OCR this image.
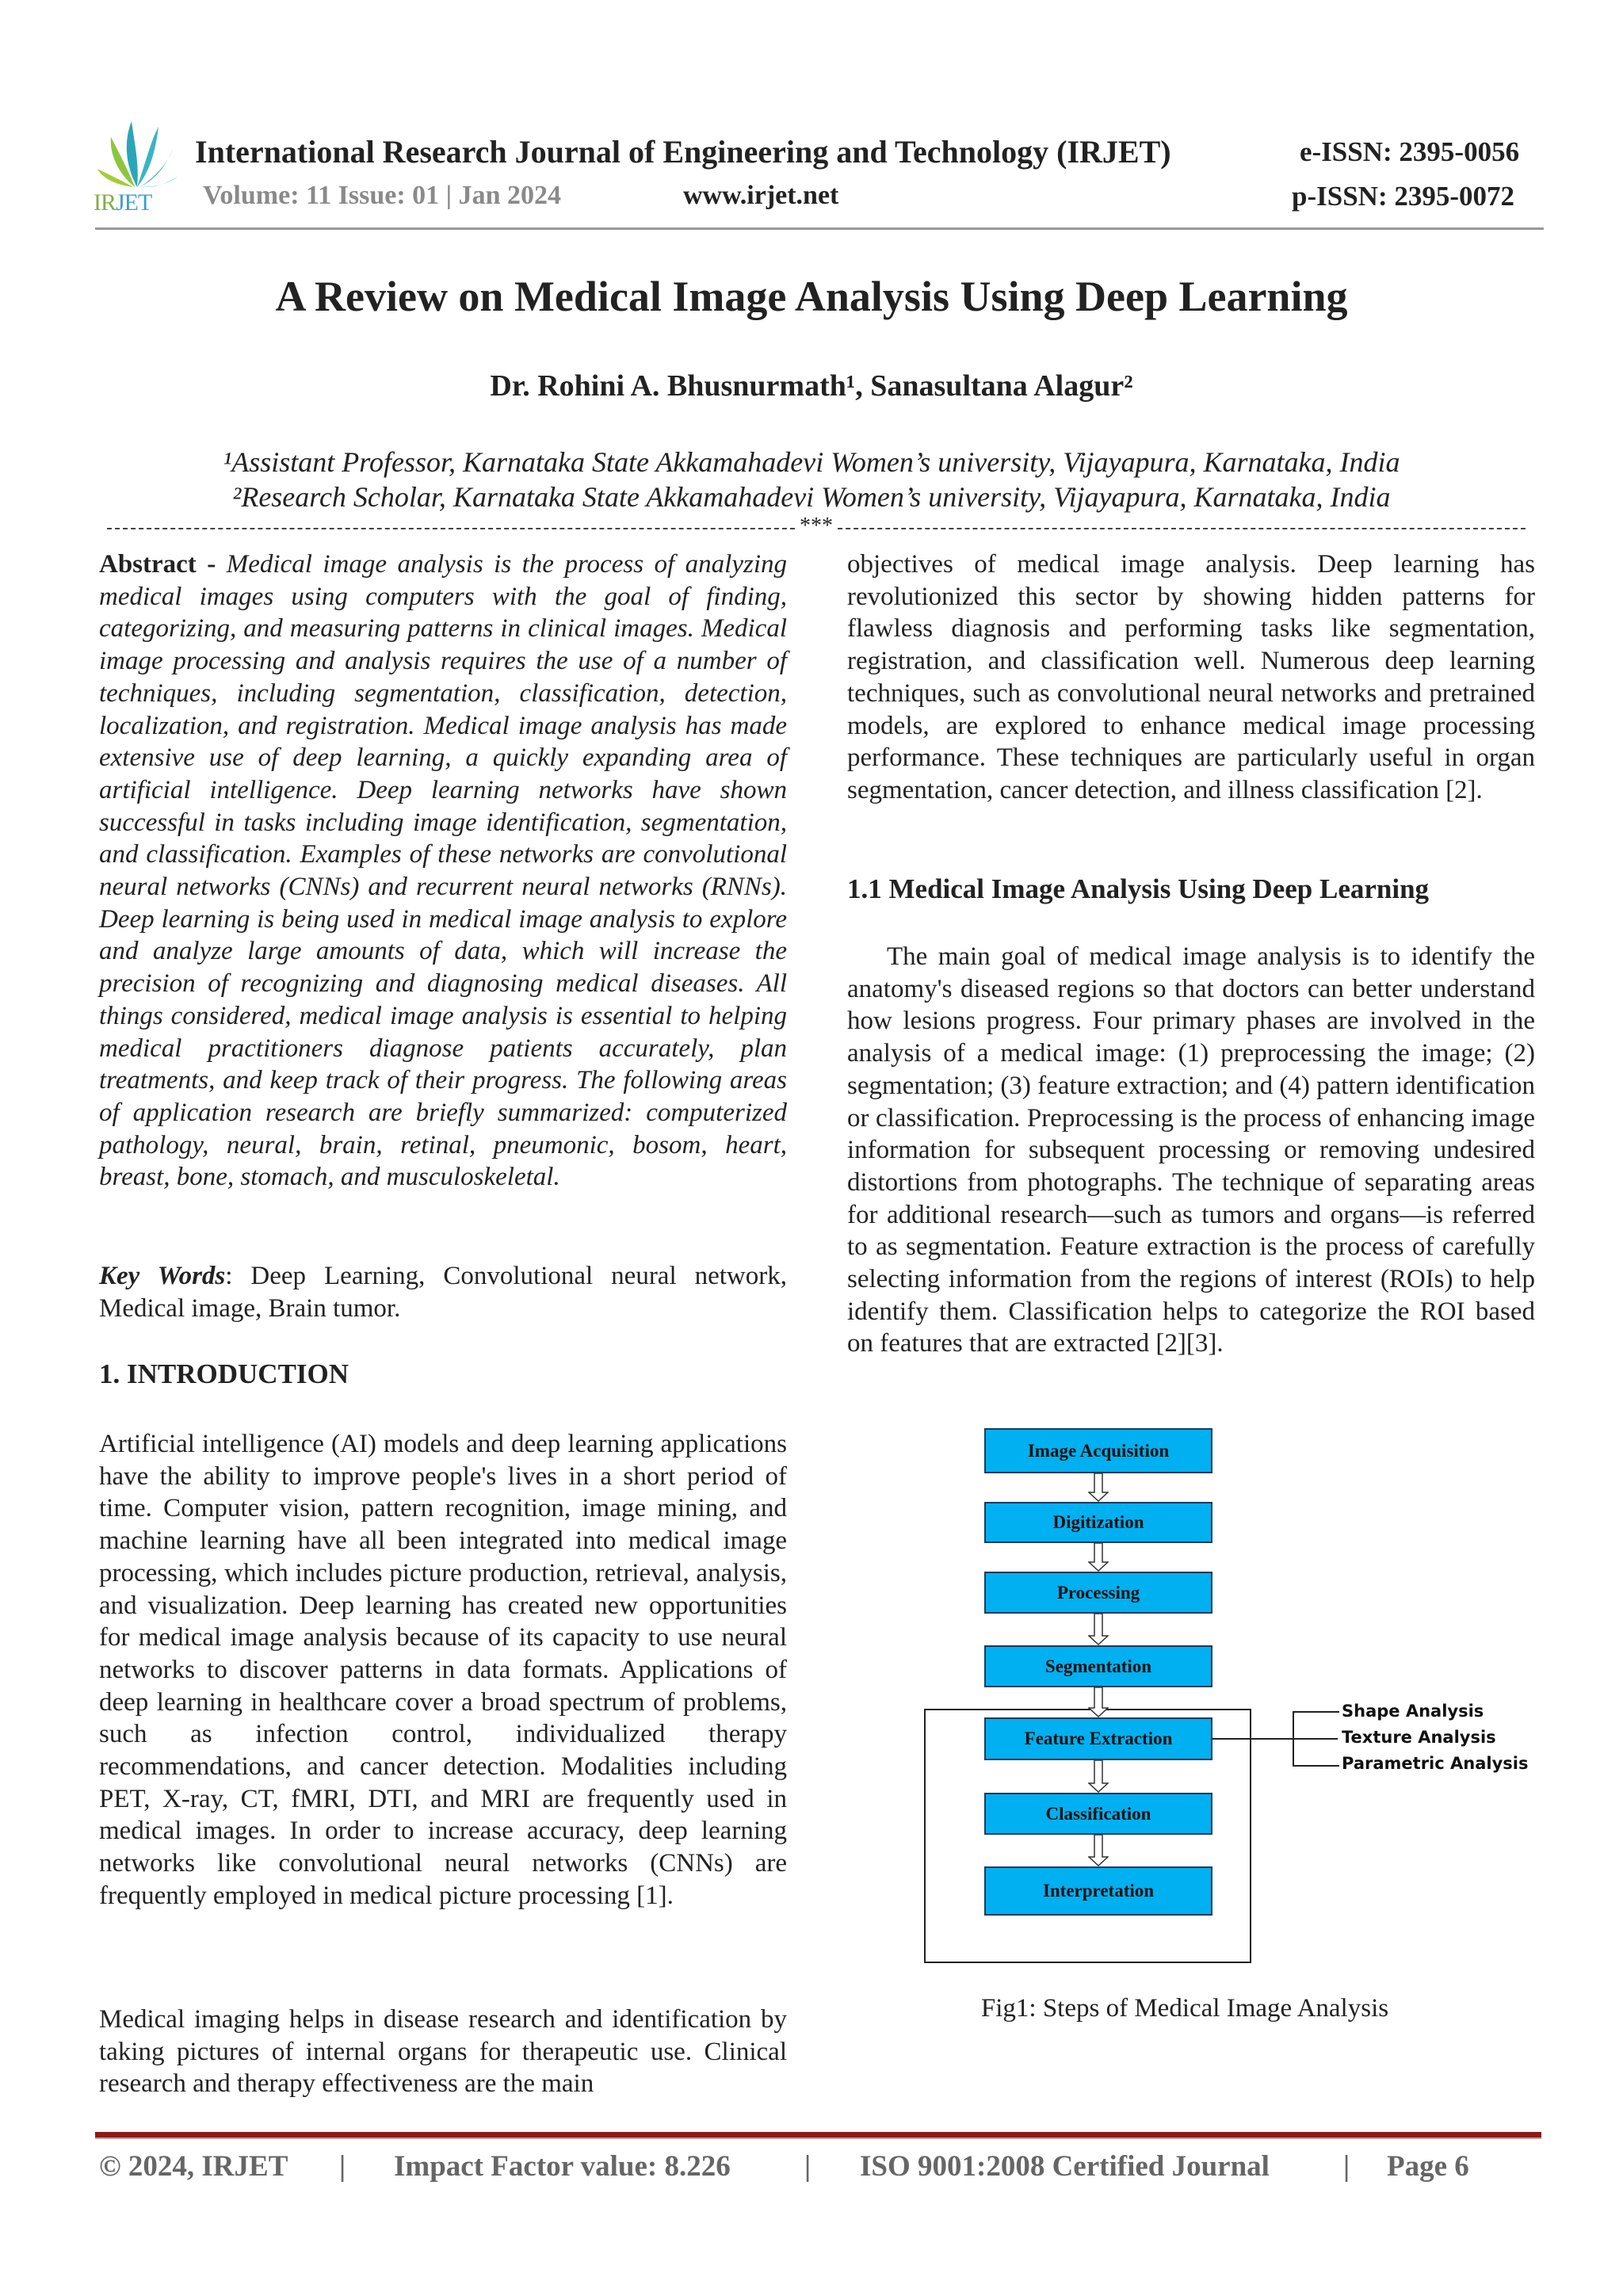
IRJET
International Research Journal of Engineering and Technology (IRJET)	e-ISSN: 2395-0056
Volume: 11 Issue: 01 | Jan 2024	www.irjet.net	p-ISSN: 2395-0072
A Review on Medical Image Analysis Using Deep Learning
Dr. Rohini A. Bhusnurmath¹, Sanasultana Alagur²
¹Assistant Professor, Karnataka State Akkamahadevi Women’s university, Vijayapura, Karnataka, India
²Research Scholar, Karnataka State Akkamahadevi Women’s university, Vijayapura, Karnataka, India
***

Abstract - Medical image analysis is the process of analyzing medical images using computers with the goal of finding, categorizing, and measuring patterns in clinical images. Medical image processing and analysis requires the use of a number of techniques, including segmentation, classification, detection, localization, and registration. Medical image analysis has made extensive use of deep learning, a quickly expanding area of artificial intelligence. Deep learning networks have shown successful in tasks including image identification, segmentation, and classification. Examples of these networks are convolutional neural networks (CNNs) and recurrent neural networks (RNNs). Deep learning is being used in medical image analysis to explore and analyze large amounts of data, which will increase the precision of recognizing and diagnosing medical diseases. All things considered, medical image analysis is essential to helping medical practitioners diagnose patients accurately, plan treatments, and keep track of their progress. The following areas of application research are briefly summarized: computerized pathology, neural, brain, retinal, pneumonic, bosom, heart, breast, bone, stomach, and musculoskeletal.

Key Words: Deep Learning, Convolutional neural network, Medical image, Brain tumor.

1. INTRODUCTION

Artificial intelligence (AI) models and deep learning applications have the ability to improve people's lives in a short period of time. Computer vision, pattern recognition, image mining, and machine learning have all been integrated into medical image processing, which includes picture production, retrieval, analysis, and visualization. Deep learning has created new opportunities for medical image analysis because of its capacity to use neural networks to discover patterns in data formats. Applications of deep learning in healthcare cover a broad spectrum of problems, such as infection control, individualized therapy recommendations, and cancer detection. Modalities including PET, X-ray, CT, fMRI, DTI, and MRI are frequently used in medical images. In order to increase accuracy, deep learning networks like convolutional neural networks (CNNs) are frequently employed in medical picture processing [1].

Medical imaging helps in disease research and identification by taking pictures of internal organs for therapeutic use. Clinical research and therapy effectiveness are the main

objectives of medical image analysis. Deep learning has revolutionized this sector by showing hidden patterns for flawless diagnosis and performing tasks like segmentation, registration, and classification well. Numerous deep learning techniques, such as convolutional neural networks and pretrained models, are explored to enhance medical image processing performance. These techniques are particularly useful in organ segmentation, cancer detection, and illness classification [2].

1.1 Medical Image Analysis Using Deep Learning

The main goal of medical image analysis is to identify the anatomy's diseased regions so that doctors can better understand how lesions progress. Four primary phases are involved in the analysis of a medical image: (1) preprocessing the image; (2) segmentation; (3) feature extraction; and (4) pattern identification or classification. Preprocessing is the process of enhancing image information for subsequent processing or removing undesired distortions from photographs. The technique of separating areas for additional research—such as tumors and organs—is referred to as segmentation. Feature extraction is the process of carefully selecting information from the regions of interest (ROIs) to help identify them. Classification helps to categorize the ROI based on features that are extracted [2][3].

Image Acquisition
Digitization
Processing
Segmentation
Feature Extraction
Classification
Interpretation
Shape Analysis
Texture Analysis
Parametric Analysis
Fig1: Steps of Medical Image Analysis
© 2024, IRJET | Impact Factor value: 8.226	| ISO 9001:2008 Certified Journal	| Page 6
